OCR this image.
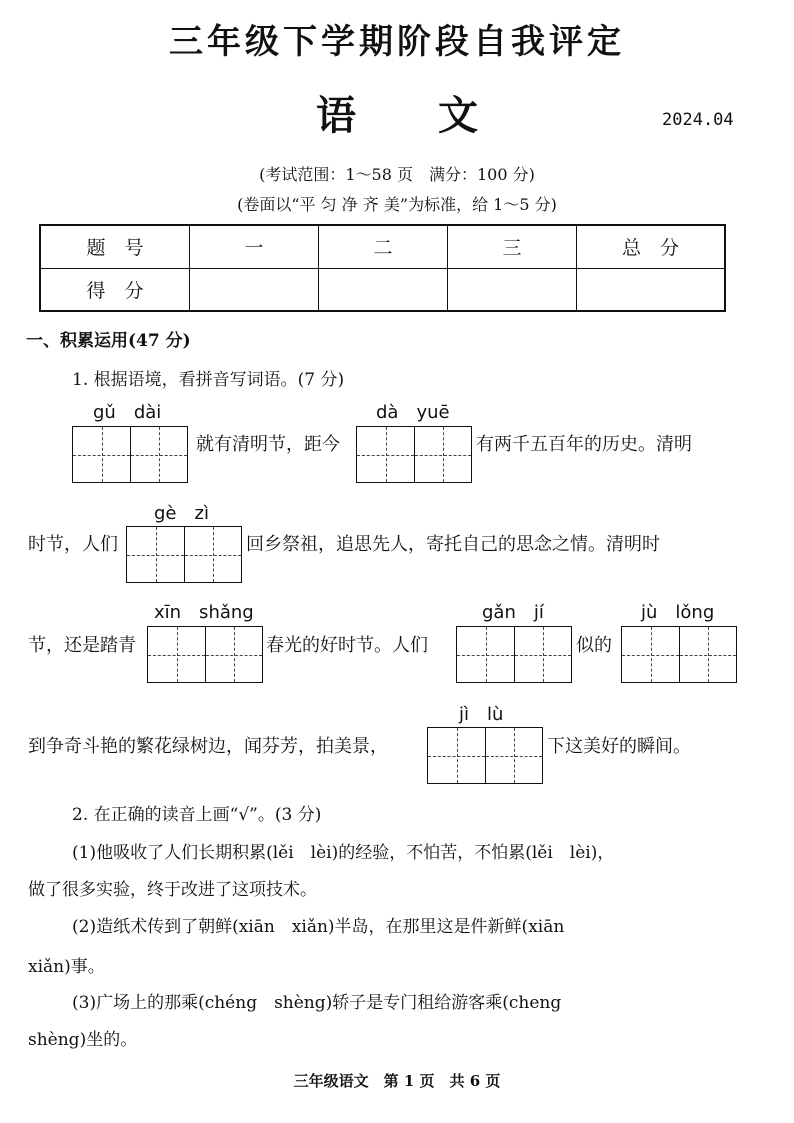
三年级下学期阶段自我评定
语 文	2024.04
(考试范围：1～58 页　满分：100 分)
(卷面以“平 匀 净 齐 美”为标准，给 1～5 分)
题　号	一	二	三	总　分
得　分				
一、积累运用(47 分)
1. 根据语境，看拼音写词语。(7 分)
gǔ　dài
就有清明节，距今
dà　yuē
有两千五百年的历史。清明
gè　zì
时节，人们	回乡祭祖，追思先人，寄托自己的思念之情。清明时
xīn　shǎng
节，还是踏青	春光的好时节。人们
gǎn　jí
似的
jù　lǒng
到争奇斗艳的繁花绿树边，闻芬芳，拍美景，
jì　lù
下这美好的瞬间。
2. 在正确的读音上画“√”。(3 分)
(1)他吸收了人们长期积累(lěi　lèi)的经验，不怕苦，不怕累(lěi　lèi)，
做了很多实验，终于改进了这项技术。
(2)造纸术传到了朝鲜(xiān　xiǎn)半岛，在那里这是件新鲜(xiān
xiǎn)事。
(3)广场上的那乘(chéng　shèng)轿子是专门租给游客乘(cheng
shèng)坐的。
三年级语文　第 1 页　共 6 页
